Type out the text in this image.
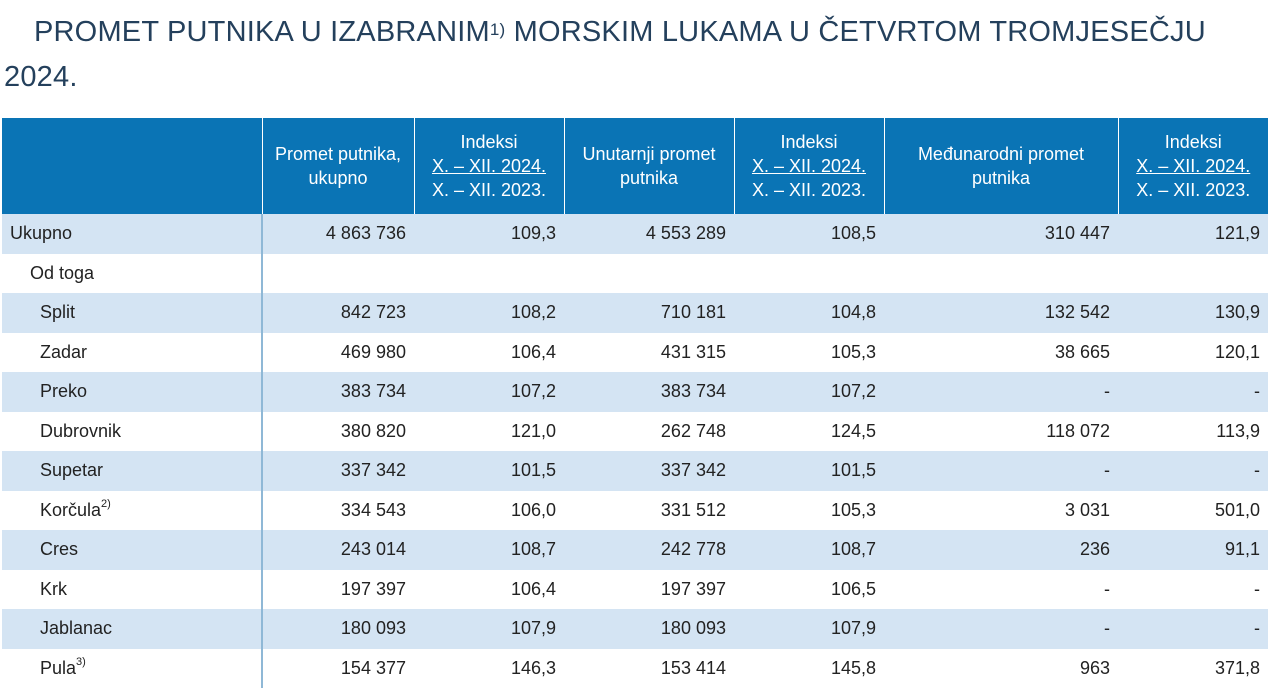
PROMET PUTNIKA U IZABRANIM$^{1)}$ MORSKIM LUKAMA U ČETVRTOM TROMJESEČJU 2024.
	Promet putnika, ukupno	Indeksi
X. – XII. 2024.
X. – XII. 2023.	Unutarnji promet putnika	Indeksi
X. – XII. 2024.
X. – XII. 2023.	Međunarodni promet putnika	Indeksi
X. – XII. 2024.
X. – XII. 2023.
Ukupno	4 863 736	109,3	4 553 289	108,5	310 447	121,9
Od toga						
Split	842 723	108,2	710 181	104,8	132 542	130,9
Zadar	469 980	106,4	431 315	105,3	38 665	120,1
Preko	383 734	107,2	383 734	107,2	-	-
Dubrovnik	380 820	121,0	262 748	124,5	118 072	113,9
Supetar	337 342	101,5	337 342	101,5	-	-
Korčula$^{2)}$	334 543	106,0	331 512	105,3	3 031	501,0
Cres	243 014	108,7	242 778	108,7	236	91,1
Krk	197 397	106,4	197 397	106,5	-	-
Jablanac	180 093	107,9	180 093	107,9	-	-
Pula$^{3)}$	154 377	146,3	153 414	145,8	963	371,8
